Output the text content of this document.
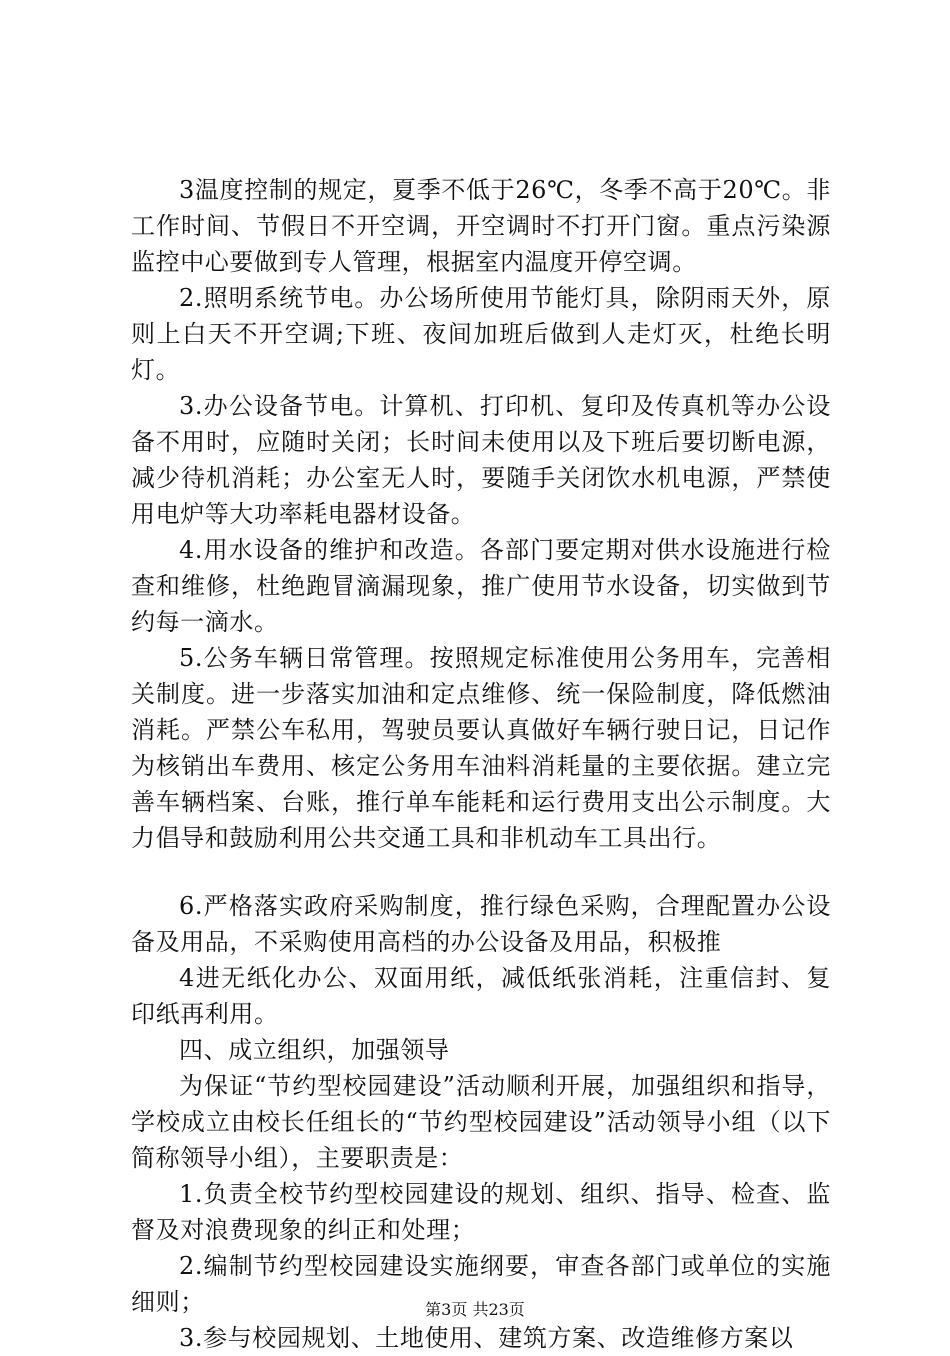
3温度控制的规定，夏季不低于26℃，冬季不高于20℃。非工作时间、节假日不开空调，开空调时不打开门窗。重点污染源监控中心要做到专人管理，根据室内温度开停空调。

2.照明系统节电。办公场所使用节能灯具，除阴雨天外，原则上白天不开空调;下班、夜间加班后做到人走灯灭，杜绝长明灯。

3.办公设备节电。计算机、打印机、复印及传真机等办公设备不用时，应随时关闭；长时间未使用以及下班后要切断电源，减少待机消耗；办公室无人时，要随手关闭饮水机电源，严禁使用电炉等大功率耗电器材设备。

4.用水设备的维护和改造。各部门要定期对供水设施进行检查和维修，杜绝跑冒滴漏现象，推广使用节水设备，切实做到节约每一滴水。

5.公务车辆日常管理。按照规定标准使用公务用车，完善相关制度。进一步落实加油和定点维修、统一保险制度，降低燃油消耗。严禁公车私用，驾驶员要认真做好车辆行驶日记，日记作为核销出车费用、核定公务用车油料消耗量的主要依据。建立完善车辆档案、台账，推行单车能耗和运行费用支出公示制度。大力倡导和鼓励利用公共交通工具和非机动车工具出行。

6.严格落实政府采购制度，推行绿色采购，合理配置办公设备及用品，不采购使用高档的办公设备及用品，积极推

4进无纸化办公、双面用纸，减低纸张消耗，注重信封、复印纸再利用。

四、成立组织，加强领导

为保证“节约型校园建设”活动顺利开展，加强组织和指导，学校成立由校长任组长的“节约型校园建设”活动领导小组（以下简称领导小组），主要职责是：

1.负责全校节约型校园建设的规划、组织、指导、检查、监督及对浪费现象的纠正和处理；

2.编制节约型校园建设实施纲要，审查各部门或单位的实施细则；

3.参与校园规划、土地使用、建筑方案、改造维修方案以

第3页 共23页
